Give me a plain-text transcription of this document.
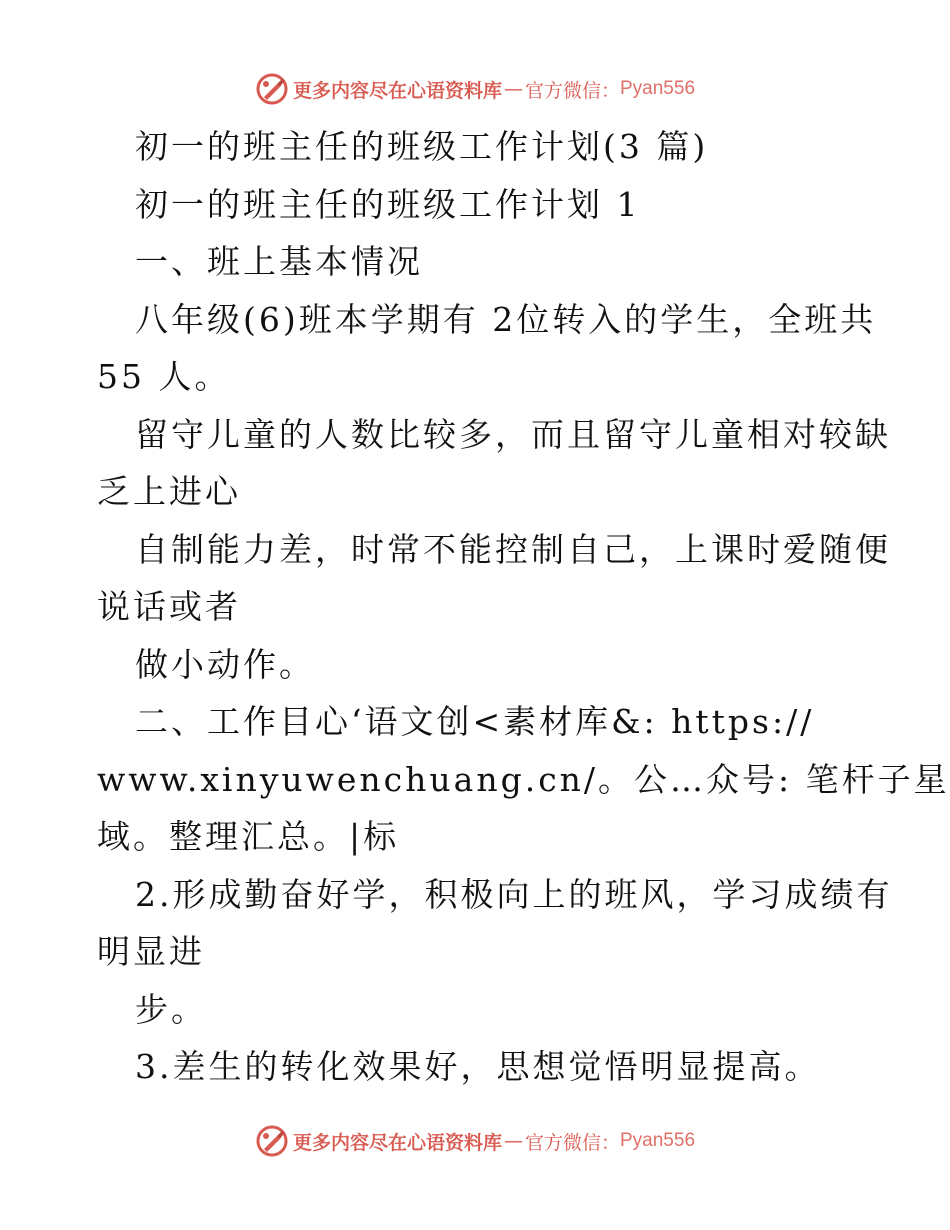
更多内容尽在心语资料库 — 官方微信： Pyan556

初一的班主任的班级工作计划(3 篇)

初一的班主任的班级工作计划 1

一、班上基本情况

八年级(6)班本学期有 2位转入的学生，全班共

55 人。

留守儿童的人数比较多，而且留守儿童相对较缺

乏上进心

自制能力差，时常不能控制自己，上课时爱随便

说话或者

做小动作。

二、工作目心‘语文创<素材库&: https://

www.xinyuwenchuang.cn/。公…众号: 笔杆子星

域。整理汇总。|标

2.形成勤奋好学，积极向上的班风，学习成绩有

明显进

步。

3.差生的转化效果好，思想觉悟明显提高。

更多内容尽在心语资料库 — 官方微信： Pyan556
